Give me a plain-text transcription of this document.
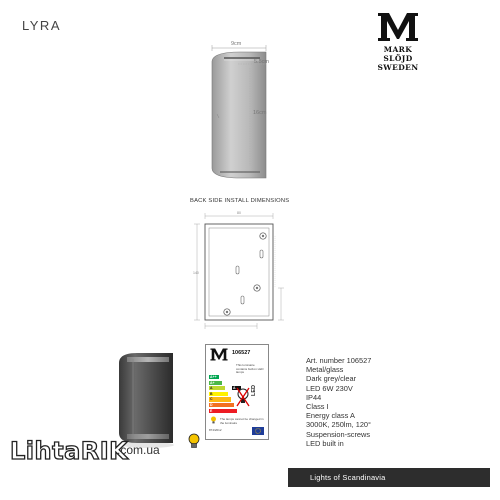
LYRA
MARK
SLÖJD
SWEDEN
9cm
5.5cm
16cm
BACK SIDE INSTALL DIMENSIONS
80
140
106527
This luminaire contains built-in LED lamps
A++
A+
A	A
B
C
D
E
LED
The lamps cannot be changed in the luminaire
874/2012
Art. number 106527
Metal/glass
Dark grey/clear
LED 6W 230V
IP44
Class I
Energy class A
3000K, 250lm, 120°
Suspension-screws
LED built in
LihtaRIK
.com.ua
Lights of Scandinavia
